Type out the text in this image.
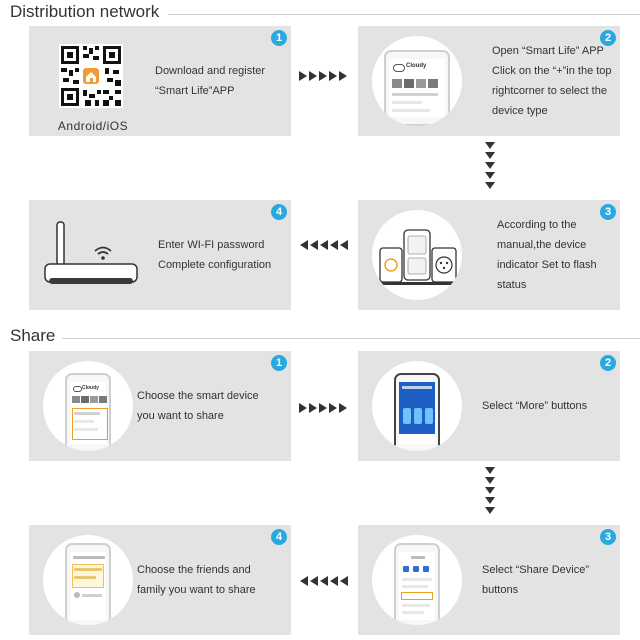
Distribution network
1
Android/iOS
Download and register
“Smart Life”APP
2
Cloudy
Open “Smart Life” APP
Click on the “+”in the top
rightcorner to select the
device type
4
Enter WI-FI password
Complete configuration
3
According to the
manual,the device
indicator Set to flash
status
Share
1
Cloudy
Choose the smart device
you want to share
2
Select “More” buttons
4
Choose the friends and
family you want to share
3
Select “Share Device”
buttons
